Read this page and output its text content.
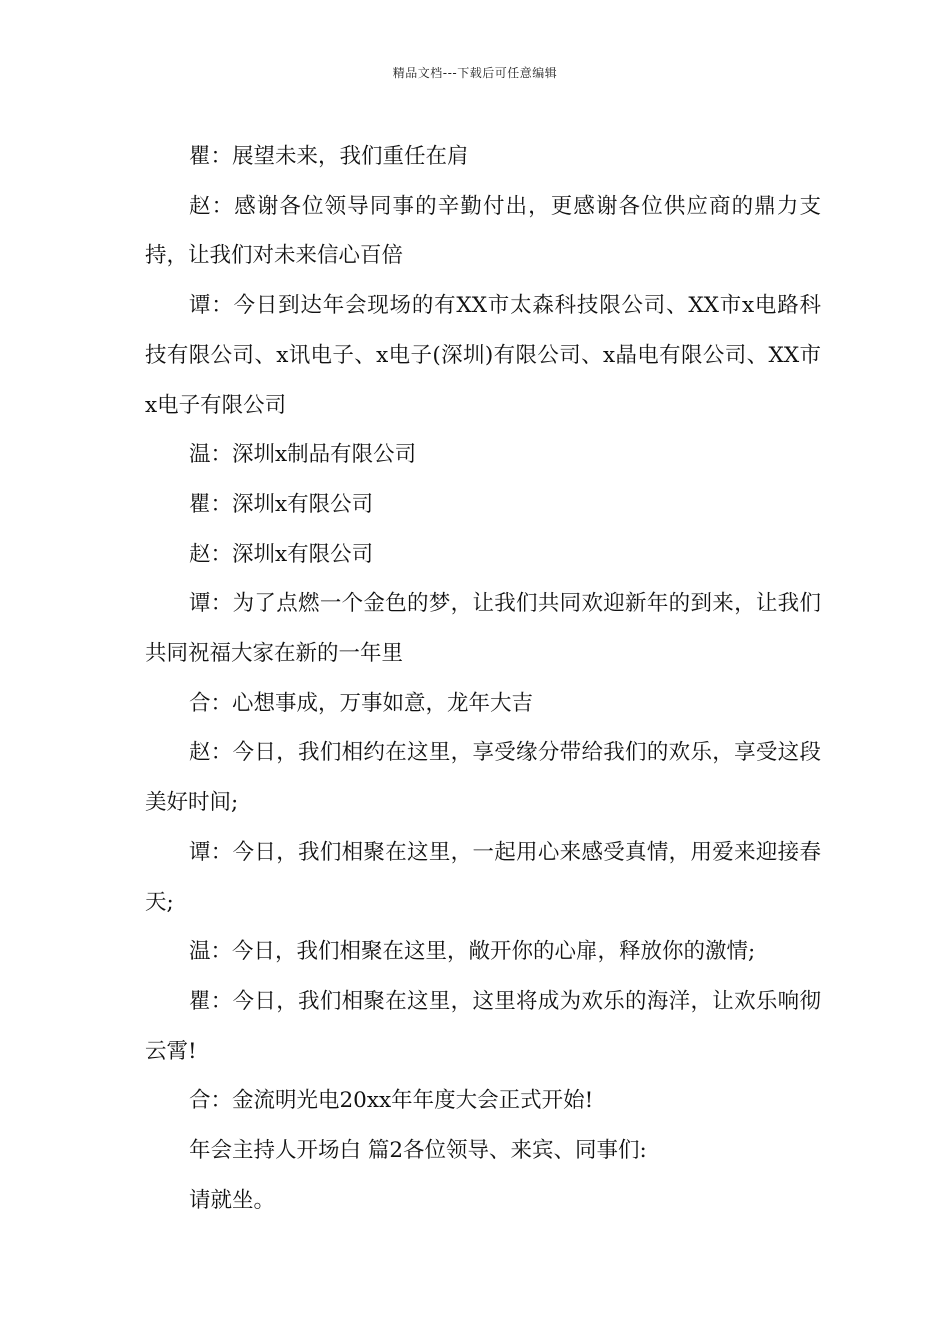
精品文档---下载后可任意编辑

瞿：展望未来，我们重任在肩

赵：感谢各位领导同事的辛勤付出，更感谢各位供应商的鼎力支持，让我们对未来信心百倍

谭：今日到达年会现场的有XX市太森科技限公司、XX市x电路科技有限公司、x讯电子、x电子(深圳)有限公司、x晶电有限公司、XX市x电子有限公司

温：深圳x制品有限公司

瞿：深圳x有限公司

赵：深圳x有限公司

谭：为了点燃一个金色的梦，让我们共同欢迎新年的到来，让我们共同祝福大家在新的一年里

合：心想事成，万事如意，龙年大吉

赵：今日，我们相约在这里，享受缘分带给我们的欢乐，享受这段美好时间;

谭：今日，我们相聚在这里，一起用心来感受真情，用爱来迎接春天;

温：今日，我们相聚在这里，敞开你的心扉，释放你的激情;

瞿：今日，我们相聚在这里，这里将成为欢乐的海洋，让欢乐响彻云霄!

合：金流明光电20xx年年度大会正式开始!

年会主持人开场白 篇2各位领导、来宾、同事们:

请就坐。
